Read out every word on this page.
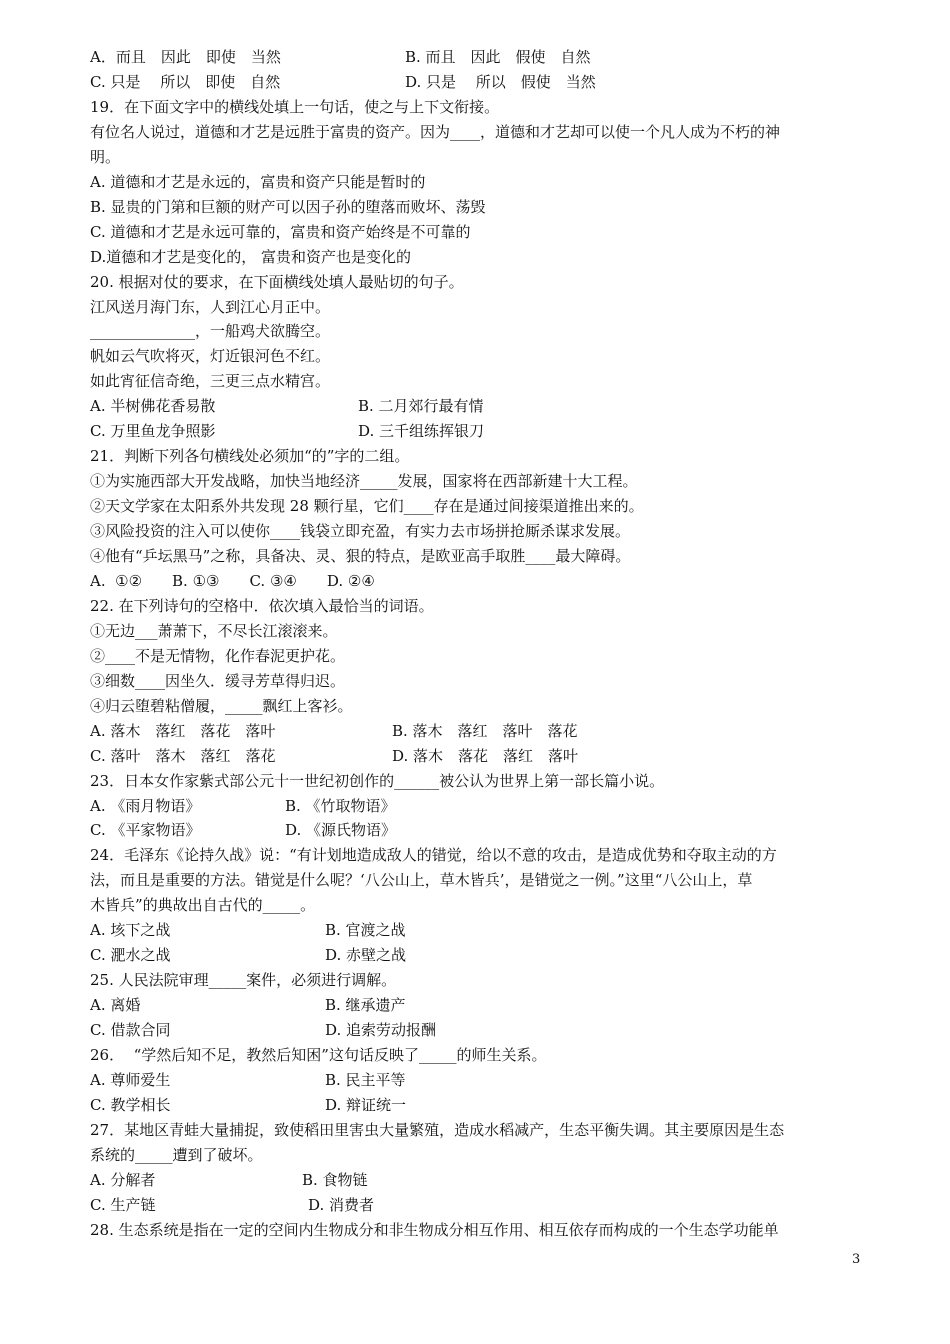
A．而且　因此　即使　当然	B. 而且　因此　假使　自然
C. 只是　 所以　即使　自然	D. 只是　 所以　假使　当然
19．在下面文字中的横线处填上一句话，使之与上下文衔接。
有位名人说过，道德和才艺是远胜于富贵的资产。因为____，道德和才艺却可以使一个凡人成为不朽的神
明。
A. 道德和才艺是永远的，富贵和资产只能是暂时的
B. 显贵的门第和巨额的财产可以因子孙的堕落而败坏、荡毁
C. 道德和才艺是永远可靠的，富贵和资产始终是不可靠的
D.道德和才艺是变化的， 富贵和资产也是变化的
20. 根据对仗的要求，在下面横线处填人最贴切的句子。
江风送月海门东，人到江心月正中。
______________，一船鸡犬欲腾空。
帆如云气吹将灭，灯近银河色不红。
如此宵征信奇绝，三更三点水精宫。
A. 半树佛花香易散	B. 二月郊行最有情
C. 万里鱼龙争照影	D. 三千组练挥银刀
21．判断下列各句横线处必须加“的”字的二组。
①为实施西部大开发战略，加快当地经济_____发展，国家将在西部新建十大工程。
②天文学家在太阳系外共发现 28 颗行星，它们____存在是通过间接渠道推出来的。
③风险投资的注入可以使你____钱袋立即充盈，有实力去市场拼抢厮杀谋求发展。
④他有“乒坛黑马”之称，具备决、灵、狠的特点，是欧亚高手取胜____最大障碍。
A.  ①②　　B. ①③　　C. ③④　　D. ②④
22. 在下列诗句的空格中．依次填入最恰当的词语。
①无边___萧萧下，不尽长江滚滚来。
②____不是无情物，化作春泥更护花。
③细数____因坐久．缓寻芳草得归迟。
④归云堕碧粘僧履，_____飘红上客衫。
A. 落木　落红　落花　落叶	B. 落木　落红　落叶　落花
C. 落叶　落木　落红　落花	D. 落木　落花　落红　落叶
23．日本女作家紫式部公元十一世纪初创作的______被公认为世界上第一部长篇小说。
A. 《雨月物语》	B. 《竹取物语》
C. 《平家物语》	D. 《源氏物语》
24．毛泽东《论持久战》说：“有计划地造成敌人的错觉，给以不意的攻击，是造成优势和夺取主动的方
法，而且是重要的方法。错觉是什么呢？‘八公山上，草木皆兵’，是错觉之一例。”这里“八公山上，草
木皆兵”的典故出自古代的_____。
A. 垓下之战	B. 官渡之战
C. 淝水之战	D. 赤壁之战
25. 人民法院审理_____案件，必须进行调解。
A. 离婚	B. 继承遗产
C. 借款合同	D. 追索劳动报酬
26．  “学然后知不足，教然后知困”这句话反映了_____的师生关系。
A. 尊师爱生	B. 民主平等
C. 教学相长	D. 辩证统一
27．某地区青蛙大量捕捉，致使稻田里害虫大量繁殖，造成水稻减产，生态平衡失调。其主要原因是生态
系统的_____遭到了破坏。
A. 分解者	B. 食物链
C. 生产链	D. 消费者
28. 生态系统是指在一定的空间内生物成分和非生物成分相互作用、相互依存而构成的一个生态学功能单
3
